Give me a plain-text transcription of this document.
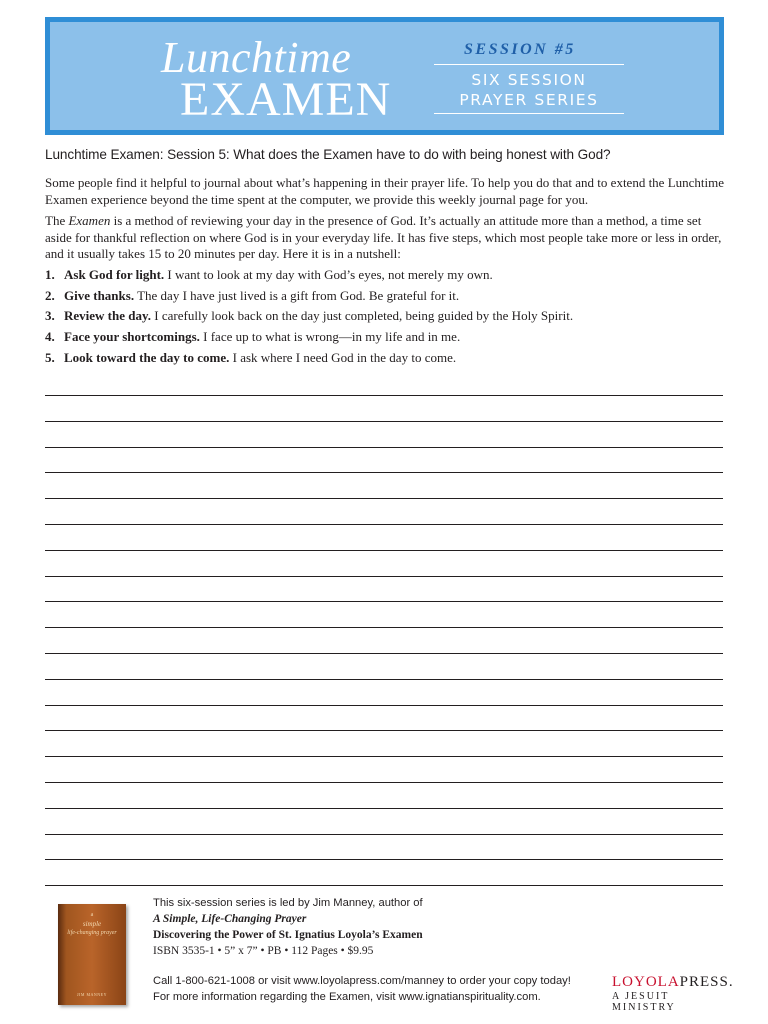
Lunchtime
EXAMEN
SESSION #5
SIX SESSION
PRAYER SERIES
Lunchtime Examen: Session 5: What does the Examen have to do with being honest with God?
Some people find it helpful to journal about what’s happening in their prayer life. To help you do that and to extend the Lunchtime Examen experience beyond the time spent at the computer, we provide this weekly journal page for you.
The Examen is a method of reviewing your day in the presence of God. It’s actually an attitude more than a method, a time set aside for thankful reflection on where God is in your everyday life. It has five steps, which most people take more or less in order, and it usually takes 15 to 20 minutes per day. Here it is in a nutshell:
1. Ask God for light. I want to look at my day with God’s eyes, not merely my own.
2. Give thanks. The day I have just lived is a gift from God. Be grateful for it.
3. Review the day. I carefully look back on the day just completed, being guided by the Holy Spirit.
4. Face your shortcomings. I face up to what is wrong—in my life and in me.
5. Look toward the day to come. I ask where I need God in the day to come.
a
simple
life-changing prayer
JIM MANNEY
This six-session series is led by Jim Manney, author of
A Simple, Life-Changing Prayer
Discovering the Power of St. Ignatius Loyola’s Examen
ISBN 3535-1 • 5” x 7” • PB • 112 Pages • $9.95
Call 1-800-621-1008 or visit www.loyolapress.com/manney to order your copy today!
For more information regarding the Examen, visit www.ignatianspirituality.com.
LOYOLAPRESS.
A JESUIT MINISTRY
